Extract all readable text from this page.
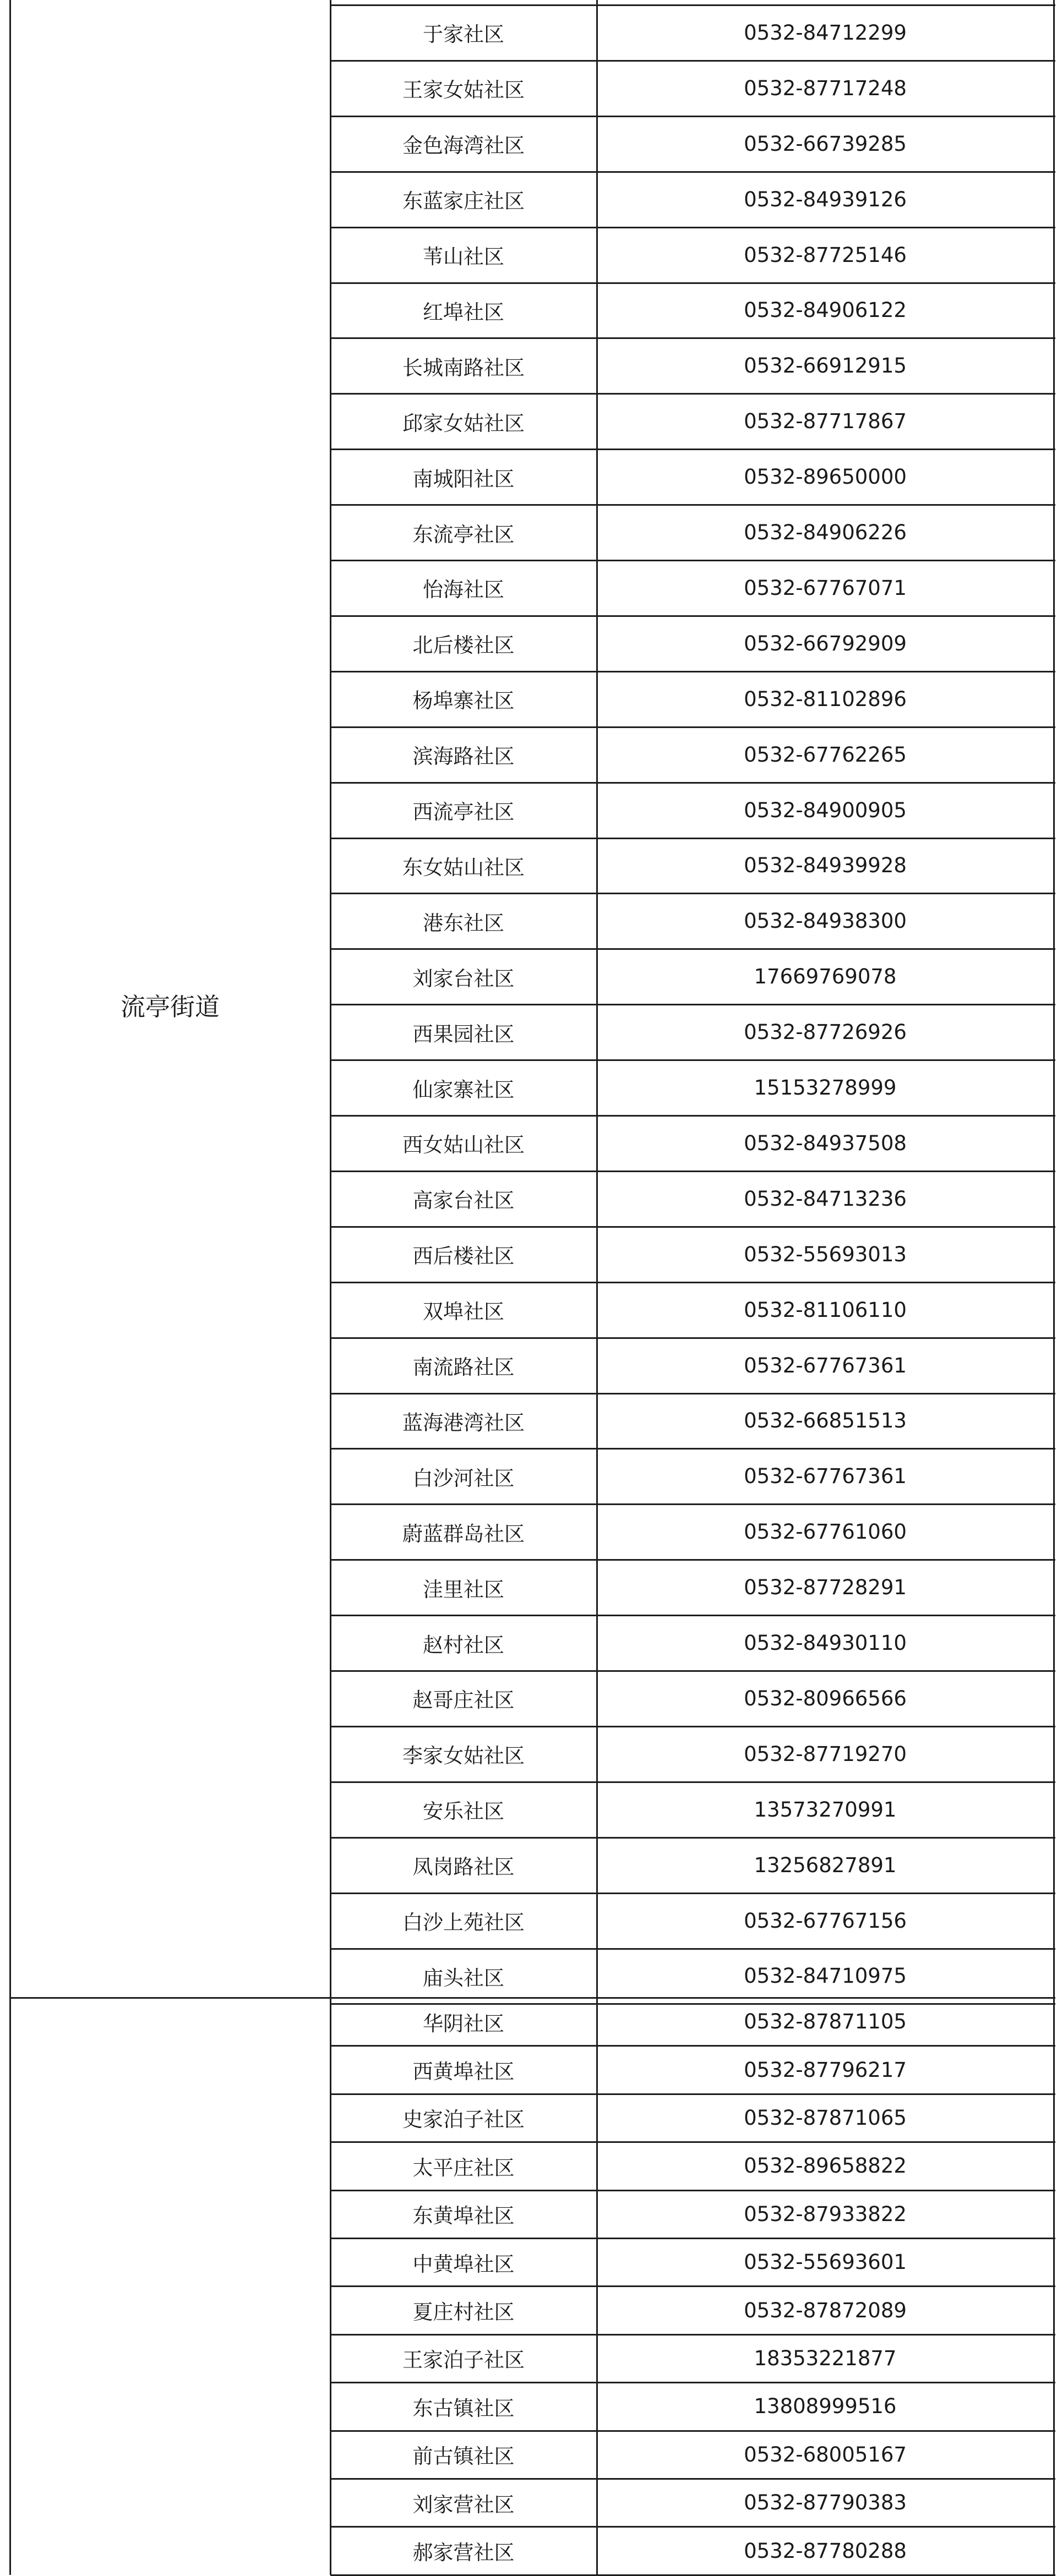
于家社区	0532-84712299
王家女姑社区	0532-87717248
金色海湾社区	0532-66739285
东蓝家庄社区	0532-84939126
苇山社区	0532-87725146
红埠社区	0532-84906122
长城南路社区	0532-66912915
邱家女姑社区	0532-87717867
南城阳社区	0532-89650000
东流亭社区	0532-84906226
怡海社区	0532-67767071
北后楼社区	0532-66792909
杨埠寨社区	0532-81102896
滨海路社区	0532-67762265
西流亭社区	0532-84900905
东女姑山社区	0532-84939928
港东社区	0532-84938300
刘家台社区	17669769078
西果园社区	0532-87726926
仙家寨社区	15153278999
西女姑山社区	0532-84937508
高家台社区	0532-84713236
西后楼社区	0532-55693013
双埠社区	0532-81106110
南流路社区	0532-67767361
蓝海港湾社区	0532-66851513
白沙河社区	0532-67767361
蔚蓝群岛社区	0532-67761060
洼里社区	0532-87728291
赵村社区	0532-84930110
赵哥庄社区	0532-80966566
李家女姑社区	0532-87719270
安乐社区	13573270991
凤岗路社区	13256827891
白沙上苑社区	0532-67767156
庙头社区	0532-84710975
流亭街道
华阴社区	0532-87871105
西黄埠社区	0532-87796217
史家泊子社区	0532-87871065
太平庄社区	0532-89658822
东黄埠社区	0532-87933822
中黄埠社区	0532-55693601
夏庄村社区	0532-87872089
王家泊子社区	18353221877
东古镇社区	13808999516
前古镇社区	0532-68005167
刘家营社区	0532-87790383
郝家营社区	0532-87780288
